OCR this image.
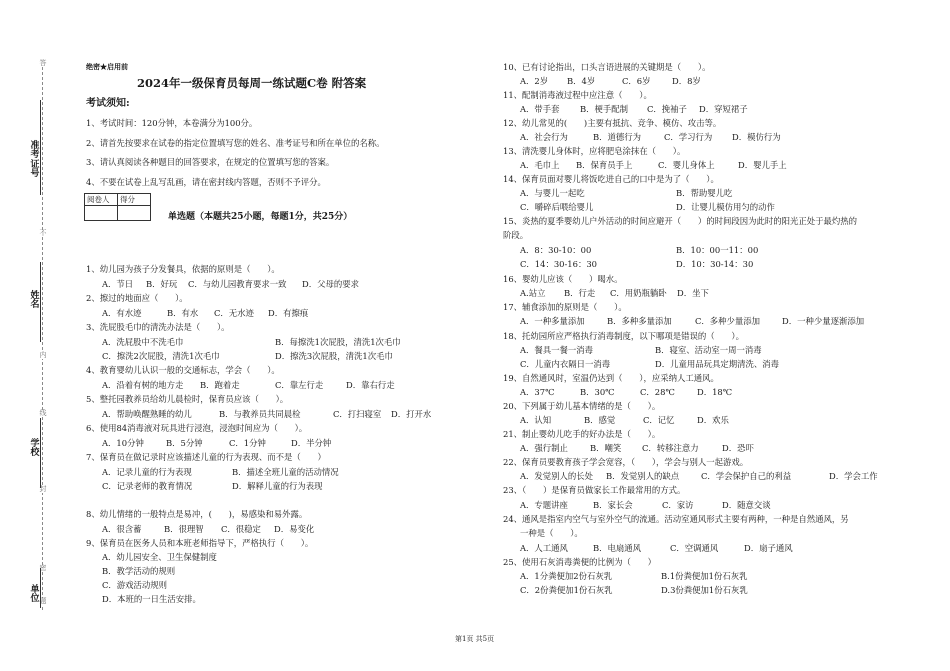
答
不
内
线
封
密
题
准
考
证
号
姓
名
学
校
单
位
绝密★启用前
2024年一级保育员每周一练试题C卷 附答案
考试须知:
1、考试时间：120分钟，本卷满分为100分。
2、请首先按要求在试卷的指定位置填写您的姓名、准考证号和所在单位的名称。
3、请认真阅读各种题目的回答要求，在规定的位置填写您的答案。
4、不要在试卷上乱写乱画，请在密封线内答题，否则不予评分。
阅卷人	得分

单选题（本题共25小题，每题1分，共25分）
1、幼儿园为孩子分发餐具，依据的原则是（　　）。
A．节日 B．好玩 C．与幼儿园教育要求一致 D．父母的要求
2、擦过的地面应（　　）。
A．有水迹	B．有水 C．无水迹 D．有擦痕
3、洗屁股毛巾的清洗办法是（　　）。
A．洗屁股中不洗毛巾	B．每擦洗1次屁股，清洗1次毛巾
C．擦洗2次屁股，清洗1次毛巾	D．擦洗3次屁股，清洗1次毛巾
4、教育婴幼儿认识一般的交通标志，学会（　　）。
A．沿着有树的地方走 B．跑着走	C．靠左行走	D．靠右行走
5、整托园教养员给幼儿晨检时，保育员应该（　　）。
A．帮助唤醒熟睡的幼儿	B．与教养员共同晨检	C．打扫寝室 D．打开水
6、使用84消毒液对玩具进行浸泡，浸泡时间应为（　　）。
A．10分钟	B．5分钟	C．1分钟	D．半分钟
7、保育员在做记录时应该描述儿童的行为表现、而不是（　　）
A．记录儿童的行为表现	B．描述全班儿童的活动情况
C．记录老师的教育情况	D．解释儿童的行为表现
8、幼儿情绪的一般特点是易冲，(　　)，易感染和易外露。
A．很含蓄	B．很理智 C．很稳定 D．易变化
9、保育员在医务人员和本班老师指导下，严格执行（　　）。
A．幼儿园安全、卫生保健制度
B．教学活动的规则
C．游戏活动规则
D．本班的一日生活安排。
10、已有讨论指出，口头言语进展的关键期是（　　）。
A．2岁 B．4岁	C．6岁	D．8岁
11、配制消毒液过程中应注意（　　）。
A．带手套 B．梗手配制 C．挽袖子 D．穿短裙子
12、幼儿常见的(　　)主要有抵抗、竞争、模仿、攻击等。
A．社会行为	B．道德行为	C．学习行为 D．模仿行为
13、清洗婴儿身体时，应将肥皂涂抹在（　　）。
A．毛巾上 B．保育员手上	C．婴儿身体上	D．婴儿手上
14、保育员面对婴儿将饭吃进自己的口中是为了（　　）。
A．与婴儿一起吃	B．帮助婴儿吃
C．嚼碎后喂给婴儿	D．让婴儿模仿用匀的动作
15、炎热的夏季婴幼儿户外活动的时间应避开（　　）的时间段因为此时的阳光正处于最灼热的
阶段。
A．8：30-10：00	B．10：00一11：00
C．14：30-16：30	D．10：30-14：30
16、婴幼儿应该（　　）喝水。
A.站立 B．行走 C．用奶瓶躺卧 D．坐下
17、辅食添加的原则是（　　）。
A．一种多量添加	B．多种多量添加	C．多种少量添加	D．一种少量逐渐添加
18、托幼园所应严格执行消毒制度，以下哪项是错误的（　　）。
A．餐具一餐一消毒	B．寝室、活动室一周一消毒
C．儿童内衣隔日一消毒	D．儿童用品玩具定期清洗、消毒
19、自然通风时，室温仍达到（　　），应采纳人工通风。
A．37℃	B．30℃	C．28℃	D．18℃
20、下列属于幼儿基本情绪的是（　　）。
A．认知	B．感觉	C．记忆	D．欢乐
21、制止婴幼儿吃手的好办法是（　　）。
A．强行制止	B．嘲笑 C．转移注意力	D．恐吓
22、保育员要教育孩子学会宽容，（　　），学会与别人一起游戏。
A．发觉别人的长处 B．发觉别人的缺点	C．学会保护自己的利益	D．学会工作
23、（　　）是保育员做家长工作最常用的方式。
A．专题讲座	B．家长会	C．家访	D．随意交谈
24、通风是指室内空气与室外空气的流通。活动室通风形式主要有两种，一种是自然通风，另
一种是（　　）。
A．人工通风	B．电扇通风	C．空调通风	D．扇子通风
25、使用石灰消毒粪便的比例为（　　）
A．1分粪便加2份石灰乳	B.1份粪便加1份石灰乳
C．2份粪便加1份石灰乳	D.3份粪便加1份石灰乳
第1页 共5页
